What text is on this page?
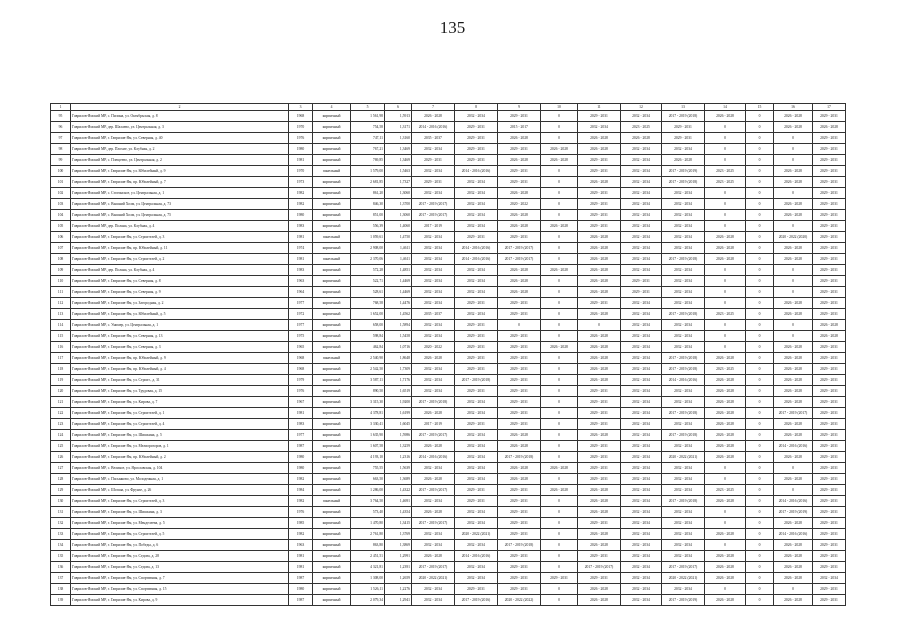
135
1	2	3	4	5	6	7	8	9	10	11	12	13	14	15	16	17
95	Гаврилов-Ямский МР, с. Пилина, ул. Октябрьская, д. 8	1968	кирпичный	1 561,98	1,5913	2026 - 2028	2032 - 2034	2029 - 2031	0	2029 - 2031	2032 - 2034	2017 - 2019 (2018)	2026 - 2028	0	2026 - 2028	2029 - 2031
96	Гаврилов-Ямский МР, дер. Шалаево, ул. Центральная, д. 3	1970	кирпичный	754,58	1,3171	2014 - 2016 (2016)	2029 - 2031	2015 - 2017	0	2032 - 2034	2023 - 2025	2029 - 2031	0	0	2026 - 2028	2026 - 2028
97	Гаврилов-Ямский МР, г. Гаврилов-Ям, ул. Северная, д. 40	1976	кирпичный	747,11	1,3160	2035 - 2037	2029 - 2031	2026 - 2028	0	2026 - 2028	2026 - 2028	2029 - 2031	0	0	0	2029 - 2031
98	Гаврилов-Ямский МР, дер. Плохие, ул. Клубная, д. 2	1980	кирпичный	767,21	1,3469	2032 - 2034	2029 - 2031	2029 - 2031	2026 - 2028	2026 - 2028	2032 - 2034	2032 - 2034	0	0	0	2029 - 2031
99	Гаврилов-Ямский МР, с. Плещеево, ул. Центральная, д. 2	1981	кирпичный	769,85	1,3469	2029 - 2031	2029 - 2031	2026 - 2028	2026 - 2028	2029 - 2031	2032 - 2034	2026 - 2028	0	0	0	2029 - 2031
100	Гаврилов-Ямский МР, г. Гаврилов-Ям, ул. Юбилейный, д. 9	1970	панельный	1 579,00	1,5463	2032 - 2034	2014 - 2016 (2016)	2029 - 2031	0	2029 - 2031	2032 - 2034	2017 - 2019 (2019)	2023 - 2025	0	2026 - 2028	2029 - 2031
101	Гаврилов-Ямский МР, г. Гаврилов-Ям, пр. Юбилейный, д. 7	1973	кирпичный	2 681,85	1,7327	2029 - 2031	2032 - 2034	2029 - 2031	0	2026 - 2028	2032 - 2034	2017 - 2019 (2018)	2023 - 2025	0	2026 - 2028	2029 - 2031
102	Гаврилов-Ямский МР, с. Стогинское, ул. Центральная, д. 1	1982	кирпичный	861,20	1,3060	2032 - 2034	2032 - 2034	2026 - 2028	0	2029 - 2031	2032 - 2034	2032 - 2034	0	0	0	2029 - 2031
103	Гаврилов-Ямский МР, с. Вышний Холм, ул. Центральная, д. 73	1982	кирпичный	846,30	1,3700	2017 - 2019 (2017)	2032 - 2034	2020 - 2022	0	2029 - 2031	2032 - 2034	2032 - 2034	0	0	2026 - 2028	2029 - 2031
104	Гаврилов-Ямский МР, с. Вышний Холм, ул. Центральная, д. 75	1980	кирпичный	851,00	1,3060	2017 - 2019 (2017)	2032 - 2034	2026 - 2028	0	2029 - 2031	2032 - 2034	2032 - 2034	0	0	2026 - 2028	2029 - 2031
105	Гаврилов-Ямский МР, дер. Поляна, ул. Клубная, д. 4	1983	кирпичный	556,39	1,4060	2017 - 2019	2032 - 2034	2026 - 2028	2026 - 2028	2029 - 2031	2032 - 2034	2032 - 2034	0	0	0	2029 - 2031
106	Гаврилов-Ямский МР, г. Гаврилов-Ям, ул. Строителей, д. 3	1981	панельный	1 059,61	1,4750	2032 - 2034	2029 - 2031	2029 - 2031	0	2026 - 2028	2032 - 2034	2032 - 2034	2026 - 2028	0	2020 - 2022 (2020)	2029 - 2031
107	Гаврилов-Ямский МР, г. Гаврилов-Ям, пр. Юбилейный, д. 11	1974	кирпичный	2 908,00	1,4611	2032 - 2034	2014 - 2016 (2016)	2017 - 2019 (2017)	0	2026 - 2028	2032 - 2034	2032 - 2034	2026 - 2028	0	2026 - 2028	2029 - 2031
108	Гаврилов-Ямский МР, г. Гаврилов-Ям, ул. Строителей, д. 2	1981	панельный	2 370,06	1,4611	2032 - 2034	2014 - 2016 (2016)	2017 - 2019 (2017)	0	2026 - 2028	2032 - 2034	2017 - 2019 (2018)	2026 - 2028	0	2026 - 2028	2029 - 2031
109	Гаврилов-Ямский МР, дер. Поляна, ул. Клубная, д. 4	1983	кирпичный	572,28	1,4851	2032 - 2034	2032 - 2034	2026 - 2028	2026 - 2028	2026 - 2028	2032 - 2034	2032 - 2034	0	0	0	2029 - 2031
110	Гаврилов-Ямский МР, г. Гаврилов-Ям, ул. Северная, д. 8	1963	кирпичный	522,71	1,4469	2032 - 2034	2032 - 2034	2026 - 2028	0	2026 - 2028	2029 - 2031	2032 - 2034	0	0	0	2029 - 2031
111	Гаврилов-Ямский МР, г. Гаврилов-Ям, ул. Северная, д. 9	1964	кирпичный	528,61	1,4469	2032 - 2034	2032 - 2034	2026 - 2028	0	2026 - 2028	2029 - 2031	2032 - 2034	0	0	0	2029 - 2031
112	Гаврилов-Ямский МР, г. Гаврилов-Ям, ул. Загородная, д. 2	1977	кирпичный	768,58	1,4476	2032 - 2034	2029 - 2031	2029 - 2031	0	2029 - 2031	2032 - 2034	2032 - 2034	0	0	2026 - 2028	2029 - 2031
113	Гаврилов-Ямский МР, г. Гаврилов-Ям, ул. Юбилейный, д. 5	1972	кирпичный	1 652,00	1,4562	2035 - 2037	2032 - 2034	2029 - 2031	0	2026 - 2028	2032 - 2034	2017 - 2019 (2018)	2023 - 2025	0	2026 - 2028	2029 - 2031
114	Гаврилов-Ямский МР, с. Унимер, ул. Центральная, д. 1	1977	кирпичный	658,00	1,5894	2032 - 2034	2029 - 2031	0	0	0	2032 - 2034	2032 - 2034	0	0	0	2026 - 2028
115	Гаврилов-Ямский МР, г. Гаврилов-Ям, ул. Северная, д. 13	1975	кирпичный	598,84	1,5458	2032 - 2034	2029 - 2031	2029 - 2031	0	2026 - 2028	2032 - 2034	2032 - 2034	0	0	0	2026 - 2028
116	Гаврилов-Ямский МР, г. Гаврилов-Ям, ул. Северная, д. 3	1965	кирпичный	462,84	1,0716	2020 - 2022	2029 - 2031	2029 - 2031	2026 - 2028	2026 - 2028	2032 - 2034	2032 - 2034	0	0	2026 - 2028	2029 - 2031
117	Гаврилов-Ямский МР, г. Гаврилов-Ям, пр. Юбилейный, д. 9	1968	панельный	2 540,90	1,8648	2026 - 2028	2029 - 2031	2029 - 2031	0	2026 - 2028	2032 - 2034	2017 - 2019 (2018)	2026 - 2028	0	2026 - 2028	2029 - 2031
118	Гаврилов-Ямский МР, г. Гаврилов-Ям, пр. Юбилейный, д. 4	1968	кирпичный	2 542,50	1,7309	2032 - 2034	2029 - 2031	2029 - 2031	0	2026 - 2028	2032 - 2034	2017 - 2019 (2018)	2023 - 2025	0	2026 - 2028	2029 - 2031
119	Гаврилов-Ямский МР, г. Гаврилов-Ям, ул. Строит., д. 31	1979	кирпичный	3 587,11	1,7176	2032 - 2034	2017 - 2019 (2018)	2029 - 2031	0	2026 - 2028	2032 - 2034	2014 - 2016 (2016)	2026 - 2028	0	2026 - 2028	2029 - 2031
120	Гаврилов-Ямский МР, г. Гаврилов-Ям, ул. Трудовая, д. 15	1976	кирпичный	890,50	1,6519	2032 - 2034	2029 - 2031	2029 - 2031	0	2029 - 2031	2032 - 2034	2032 - 2034	2026 - 2028	0	2026 - 2028	2029 - 2031
121	Гаврилов-Ямский МР, г. Гаврилов-Ям, ул. Кирова, д. 7	1967	кирпичный	3 315,30	1,9200	2017 - 2019 (2018)	2032 - 2034	2029 - 2031	0	2029 - 2031	2032 - 2034	2032 - 2034	2026 - 2028	0	2026 - 2028	2029 - 2031
122	Гаврилов-Ямский МР, г. Гаврилов-Ям, ул. Строителей, д. 1	1981	кирпичный	4 378,81	1,6199	2026 - 2028	2032 - 2034	2029 - 2031	0	2029 - 2031	2032 - 2034	2017 - 2019 (2018)	2026 - 2028	0	2017 - 2019 (2017)	2029 - 2031
123	Гаврилов-Ямский МР, г. Гаврилов-Ям, ул. Строителей, д. 4	1983	кирпичный	3 330,41	1,6045	2017 - 2019	2029 - 2031	2029 - 2031	0	2029 - 2031	2032 - 2034	2032 - 2034	2026 - 2028	0	2026 - 2028	2029 - 2031
124	Гаврилов-Ямский МР, г. Гаврилов-Ям, ул. Шишкина, д. 5	1977	кирпичный	1 635,90	1,5986	2017 - 2019 (2017)	2032 - 2034	2026 - 2028	0	2026 - 2028	2032 - 2034	2017 - 2019 (2018)	2026 - 2028	0	2026 - 2028	2029 - 2031
125	Гаврилов-Ямский МР, г. Гаврилов-Ям, ул. Мелиораторов, д. 1	1987	кирпичный	1 607,58	1,3259	2026 - 2028	2032 - 2034	2026 - 2028	0	2029 - 2031	2032 - 2034	2032 - 2034	2026 - 2028	0	2014 - 2016 (2016)	2029 - 2031
126	Гаврилов-Ямский МР, г. Гаврилов-Ям, пр. Юбилейный, д. 2	1980	кирпичный	4 193,10	1,2316	2014 - 2016 (2016)	2032 - 2034	2017 - 2019 (2018)	0	2029 - 2031	2032 - 2034	2020 - 2022 (2021)	2026 - 2028	0	2026 - 2028	2029 - 2031
127	Гаврилов-Ямский МР, с. Великое, ул. Ярославская, д. 104	1980	кирпичный	755,55	1,5639	2032 - 2034	2032 - 2034	2026 - 2028	2026 - 2028	2029 - 2031	2032 - 2034	2032 - 2034	0	0	0	2029 - 2031
128	Гаврилов-Ямский МР, с. Пасынково, ул. Молодежная, д. 1	1982	кирпичный	663,50	1,3689	2026 - 2028	2032 - 2034	2026 - 2028	0	2029 - 2031	2032 - 2034	2032 - 2034	0	0	2026 - 2028	2029 - 2031
129	Гаврилов-Ямский МР, с. Шопша, ул. Фрунзе, д. 26	1984	кирпичный	1 286,00	1,4322	2017 - 2019 (2017)	2029 - 2031	2029 - 2031	2026 - 2028	2026 - 2028	2032 - 2034	2032 - 2034	2023 - 2025	0	0	2029 - 2031
130	Гаврилов-Ямский МР, г. Гаврилов-Ям, ул. Строителей, д. 3	1982	панельный	3 764,50	1,4691	2032 - 2034	2029 - 2031	2029 - 2031	0	2026 - 2028	2032 - 2034	2017 - 2019 (2018)	2026 - 2028	0	2014 - 2016 (2016)	2029 - 2031
131	Гаврилов-Ямский МР, г. Гаврилов-Ям, ул. Шишкина, д. 3	1976	кирпичный	573,40	1,4354	2026 - 2028	2032 - 2034	2029 - 2031	0	2026 - 2028	2032 - 2034	2032 - 2034	0	0	2017 - 2019 (2019)	2029 - 2031
132	Гаврилов-Ямский МР, г. Гаврилов-Ям, ул. Менделеева, д. 5	1985	кирпичный	1 470,80	1,3415	2017 - 2019 (2017)	2032 - 2034	2029 - 2031	0	2029 - 2031	2032 - 2034	2032 - 2034	0	0	2026 - 2028	2029 - 2031
133	Гаврилов-Ямский МР, г. Гаврилов-Ям, ул. Строителей, д. 5	1982	кирпичный	2 761,80	1,3769	2032 - 2034	2020 - 2022 (2021)	2029 - 2031	0	2026 - 2028	2032 - 2034	2032 - 2034	2026 - 2028	0	2014 - 2016 (2016)	2029 - 2031
134	Гаврилов-Ямский МР, г. Гаврилов-Ям, ул. Победы, д. 6	1963	кирпичный	863,80	1,3869	2032 - 2034	2032 - 2034	2017 - 2019 (2018)	0	2026 - 2028	2032 - 2034	2032 - 2034	0	0	2026 - 2028	2029 - 2031
135	Гаврилов-Ямский МР, г. Гаврилов-Ям, ул. Седова, д. 28	1981	кирпичный	2 451,51	1,2991	2026 - 2028	2014 - 2016 (2016)	2029 - 2031	0	2029 - 2031	2032 - 2034	2032 - 2034	2026 - 2028	0	2026 - 2028	2029 - 2031
136	Гаврилов-Ямский МР, г. Гаврилов-Ям, ул. Седова, д. 13	1981	кирпичный	4 321,81	1,2391	2017 - 2019 (2017)	2032 - 2034	2029 - 2031	0	2017 - 2019 (2017)	2032 - 2034	2017 - 2019 (2017)	2026 - 2028	0	2026 - 2028	2029 - 2031
137	Гаврилов-Ямский МР, г. Гаврилов-Ям, ул. Спортивная, д. 7	1987	кирпичный	1 308,00	1,2659	2020 - 2022 (2021)	2032 - 2034	2029 - 2031	2029 - 2031	2029 - 2031	2032 - 2034	2020 - 2022 (2021)	2026 - 2028	0	2026 - 2028	2032 - 2034
138	Гаврилов-Ямский МР, г. Гаврилов-Ям, ул. Спортивная, д. 15	1980	кирпичный	1 526,11	1,2276	2032 - 2034	2029 - 2031	2029 - 2031	0	2026 - 2028	2032 - 2034	2032 - 2034	0	0	0	2029 - 2031
139	Гаврилов-Ямский МР, г. Гаврилов-Ям, ул. Кирова, д. 9	1987	кирпичный	2 079,34	1,2941	2032 - 2034	2017 - 2019 (2016)	2020 - 2022 (2022)	0	2026 - 2028	2032 - 2034	2017 - 2019 (2019)	2026 - 2028	0	2026 - 2028	2029 - 2031
